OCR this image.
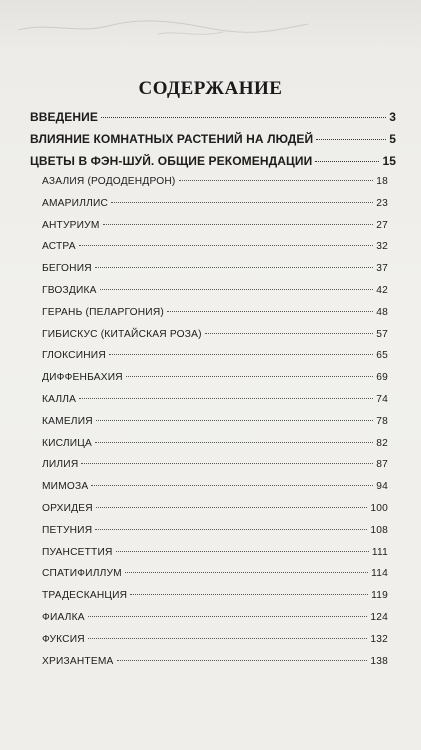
СОДЕРЖАНИЕ
ВВЕДЕНИЕ	3
ВЛИЯНИЕ КОМНАТНЫХ РАСТЕНИЙ НА ЛЮДЕЙ	5
ЦВЕТЫ В ФЭН-ШУЙ. ОБЩИЕ РЕКОМЕНДАЦИИ	15
АЗАЛИЯ (РОДОДЕНДРОН)	18
АМАРИЛЛИС	23
АНТУРИУМ	27
АСТРА	32
БЕГОНИЯ	37
ГВОЗДИКА	42
ГЕРАНЬ (ПЕЛАРГОНИЯ)	48
ГИБИСКУС (КИТАЙСКАЯ РОЗА)	57
ГЛОКСИНИЯ	65
ДИФФЕНБАХИЯ	69
КАЛЛА	74
КАМЕЛИЯ	78
КИСЛИЦА	82
ЛИЛИЯ	87
МИМОЗА	94
ОРХИДЕЯ	100
ПЕТУНИЯ	108
ПУАНСЕТТИЯ	111
СПАТИФИЛЛУМ	114
ТРАДЕСКАНЦИЯ	119
ФИАЛКА	124
ФУКСИЯ	132
ХРИЗАНТЕМА	138
